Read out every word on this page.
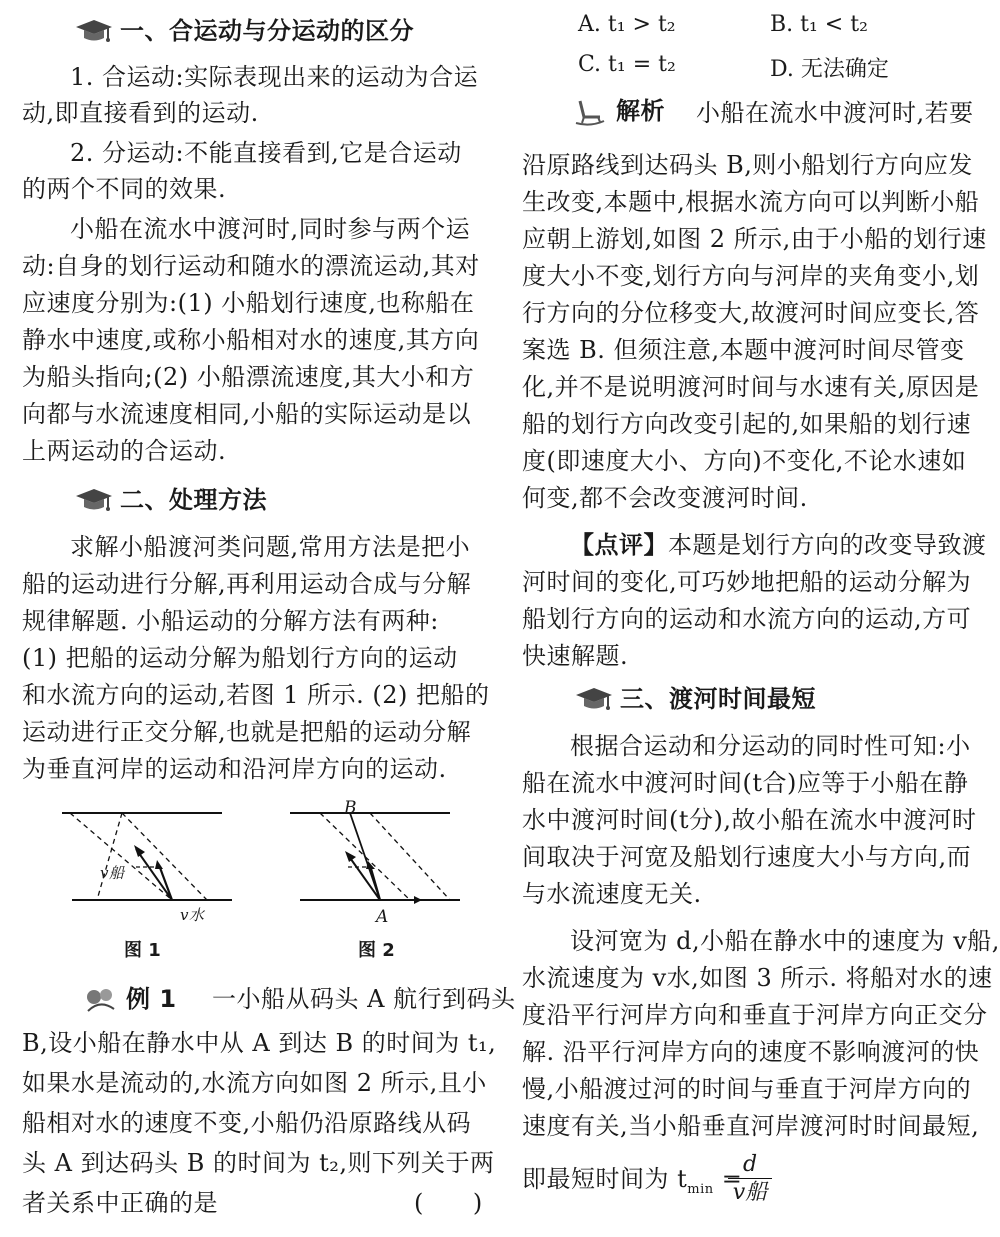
一、合运动与分运动的区分
1. 合运动:实际表现出来的运动为合运
动,即直接看到的运动.
2. 分运动:不能直接看到,它是合运动
的两个不同的效果.
小船在流水中渡河时,同时参与两个运
动:自身的划行运动和随水的漂流运动,其对
应速度分别为:(1) 小船划行速度,也称船在
静水中速度,或称小船相对水的速度,其方向
为船头指向;(2) 小船漂流速度,其大小和方
向都与水流速度相同,小船的实际运动是以
上两运动的合运动.
二、处理方法
求解小船渡河类问题,常用方法是把小
船的运动进行分解,再利用运动合成与分解
规律解题. 小船运动的分解方法有两种:
(1) 把船的运动分解为船划行方向的运动
和水流方向的运动,若图 1 所示. (2) 把船的
运动进行正交分解,也就是把船的运动分解
为垂直河岸的运动和沿河岸方向的运动.
v船
v水
图 1
B
A
图 2
例 1 一小船从码头 A 航行到码头
B,设小船在静水中从 A 到达 B 的时间为 t₁,
如果水是流动的,水流方向如图 2 所示,且小
船相对水的速度不变,小船仍沿原路线从码
头 A 到达码头 B 的时间为 t₂,则下列关于两
者关系中正确的是	(　　)
A. t₁ > t₂	B. t₁ < t₂
C. t₁ = t₂	D. 无法确定
解析 小船在流水中渡河时,若要
沿原路线到达码头 B,则小船划行方向应发
生改变,本题中,根据水流方向可以判断小船
应朝上游划,如图 2 所示,由于小船的划行速
度大小不变,划行方向与河岸的夹角变小,划
行方向的分位移变大,故渡河时间应变长,答
案选 B. 但须注意,本题中渡河时间尽管变
化,并不是说明渡河时间与水速有关,原因是
船的划行方向改变引起的,如果船的划行速
度(即速度大小、方向)不变化,不论水速如
何变,都不会改变渡河时间.
【点评】本题是划行方向的改变导致渡
河时间的变化,可巧妙地把船的运动分解为
船划行方向的运动和水流方向的运动,方可
快速解题.
三、渡河时间最短
根据合运动和分运动的同时性可知:小
船在流水中渡河时间(t合)应等于小船在静
水中渡河时间(t分),故小船在流水中渡河时
间取决于河宽及船划行速度大小与方向,而
与水流速度无关.
设河宽为 d,小船在静水中的速度为 v船,
水流速度为 v水,如图 3 所示. 将船对水的速
度沿平行河岸方向和垂直于河岸方向正交分
解. 沿平行河岸方向的速度不影响渡河的快
慢,小船渡过河的时间与垂直于河岸方向的
速度有关,当小船垂直河岸渡河时时间最短,
即最短时间为 $t_{min}$ =
d
v船
